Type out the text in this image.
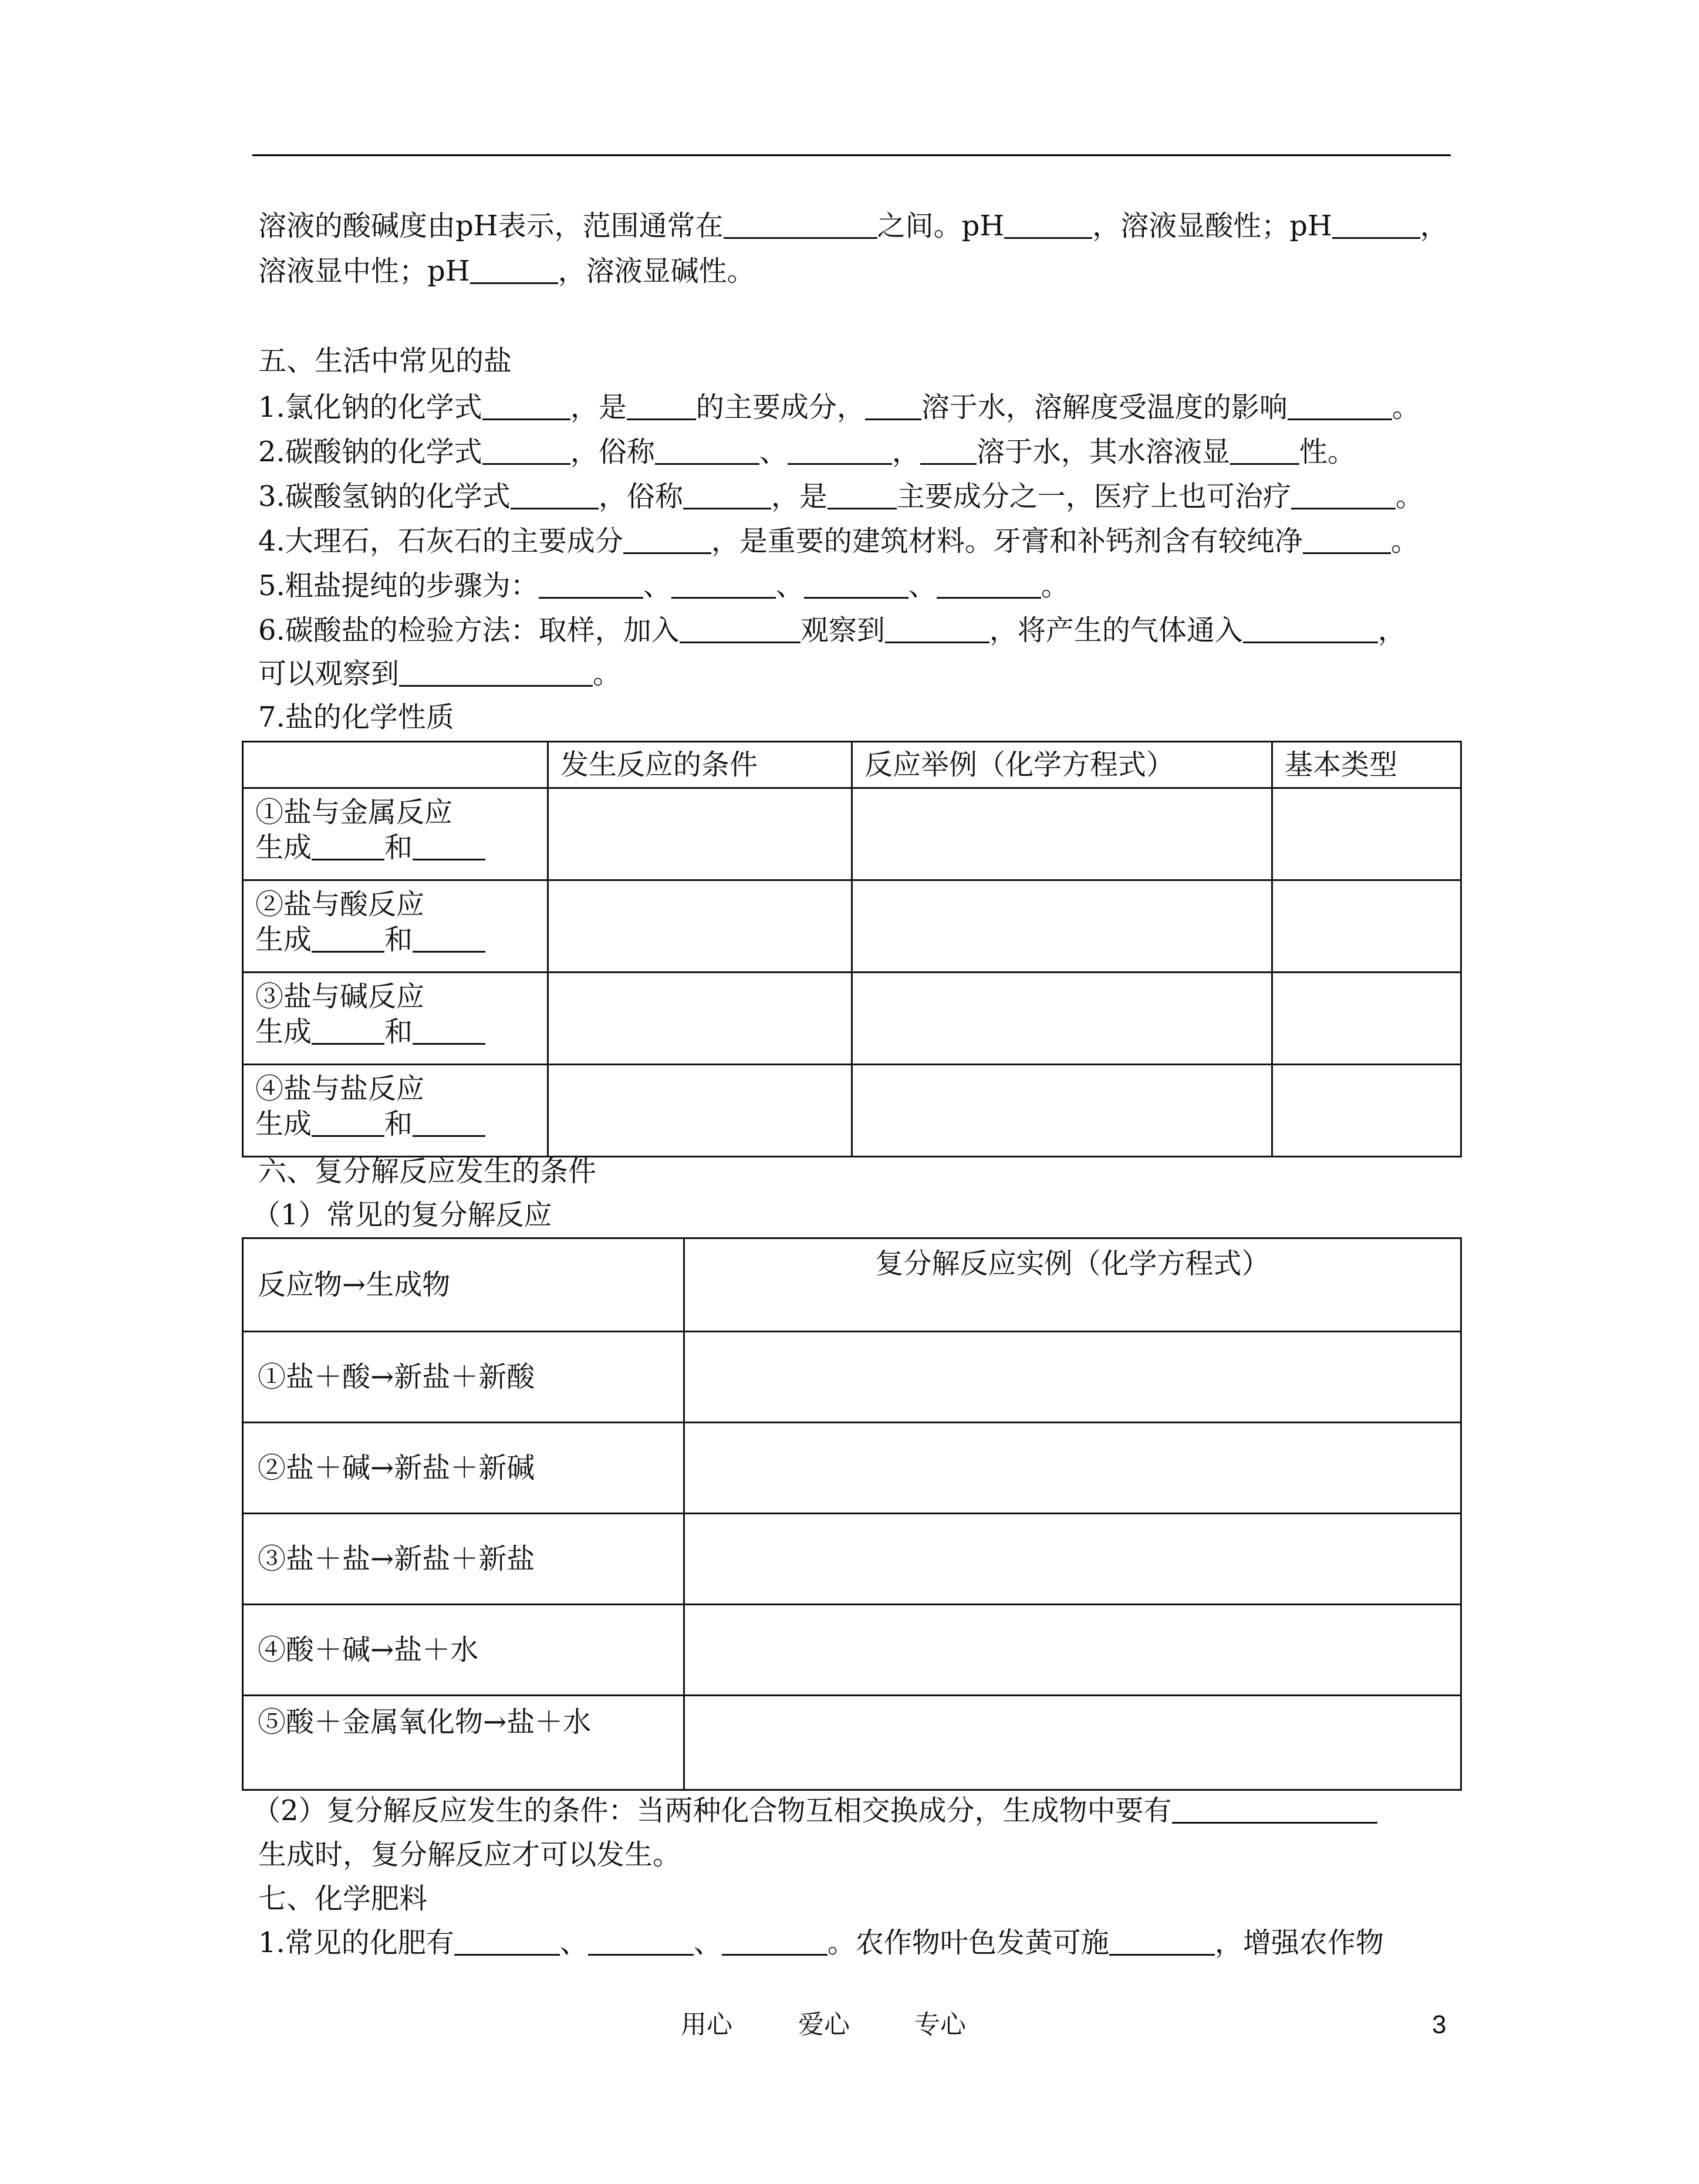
溶液的酸碱度由pH表示，范围通常在	之间。pH	，溶液显酸性；pH	，
溶液显中性；pH	，溶液显碱性。
五、生活中常见的盐
1.氯化钠的化学式	，是 的主要成分， 溶于水，溶解度受温度的影响	。
2.碳酸钠的化学式	，俗称	、	， 溶于水，其水溶液显 性。
3.碳酸氢钠的化学式	，俗称	，是 主要成分之一，医疗上也可治疗	。
4.大理石，石灰石的主要成分	，是重要的建筑材料。牙膏和补钙剂含有较纯净	。
5.粗盐提纯的步骤为：	、	、	、	。
6.碳酸盐的检验方法：取样，加入	观察到	，将产生的气体通入	，
可以观察到	。
7.盐的化学性质
	发生反应的条件	反应举例（化学方程式）	基本类型

①盐与金属反应
生成 和			

②盐与酸反应
生成 和			

③盐与碱反应
生成 和			

④盐与盐反应
生成 和			

六、复分解反应发生的条件
（1）常见的复分解反应
反应物→生成物	复分解反应实例（化学方程式）
①盐＋酸→新盐＋新酸	
②盐＋碱→新盐＋新碱	
③盐＋盐→新盐＋新盐	
④酸＋碱→盐＋水	
⑤酸＋金属氧化物→盐＋水	
（2）复分解反应发生的条件：当两种化合物互相交换成分，生成物中要有
生成时，复分解反应才可以发生。
七、化学肥料
1.常见的化肥有	、	、	。农作物叶色发黄可施	，增强农作物
用心	爱心	专心	3
